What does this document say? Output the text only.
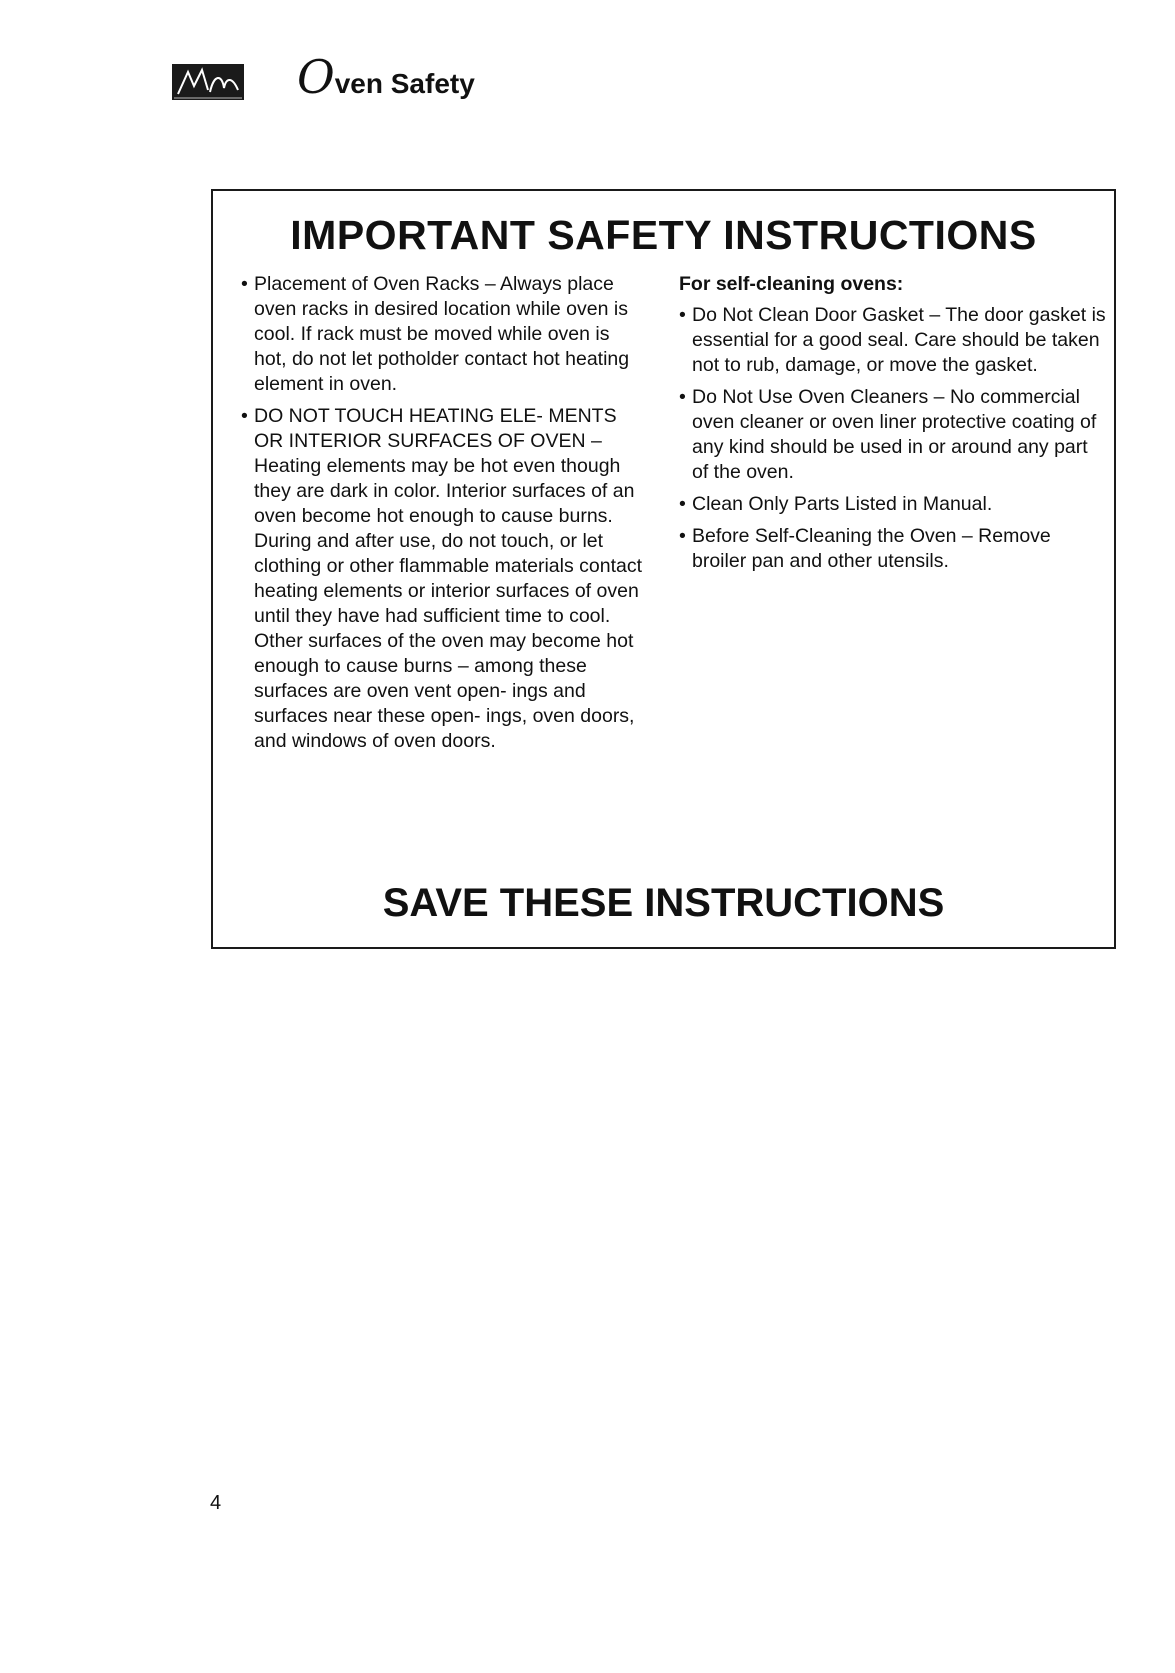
Oven Safety
IMPORTANT SAFETY INSTRUCTIONS
• Placement of Oven Racks – Always place oven racks in desired location while oven is cool. If rack must be moved while oven is hot, do not let potholder contact hot heating element in oven.
• DO NOT TOUCH HEATING ELE- MENTS OR INTERIOR SURFACES OF OVEN – Heating elements may be hot even though they are dark in color. Interior surfaces of an oven become hot enough to cause burns. During and after use, do not touch, or let clothing or other flammable materials contact heating elements or interior surfaces of oven until they have had sufficient time to cool. Other surfaces of the oven may become hot enough to cause burns – among these surfaces are oven vent open- ings and surfaces near these open- ings, oven doors, and windows of oven doors.
For self-cleaning ovens:
• Do Not Clean Door Gasket – The door gasket is essential for a good seal. Care should be taken not to rub, damage, or move the gasket.
• Do Not Use Oven Cleaners – No commercial oven cleaner or oven liner protective coating of any kind should be used in or around any part of the oven.
• Clean Only Parts Listed in Manual.
• Before Self-Cleaning the Oven – Remove broiler pan and other utensils.
SAVE THESE INSTRUCTIONS
4
